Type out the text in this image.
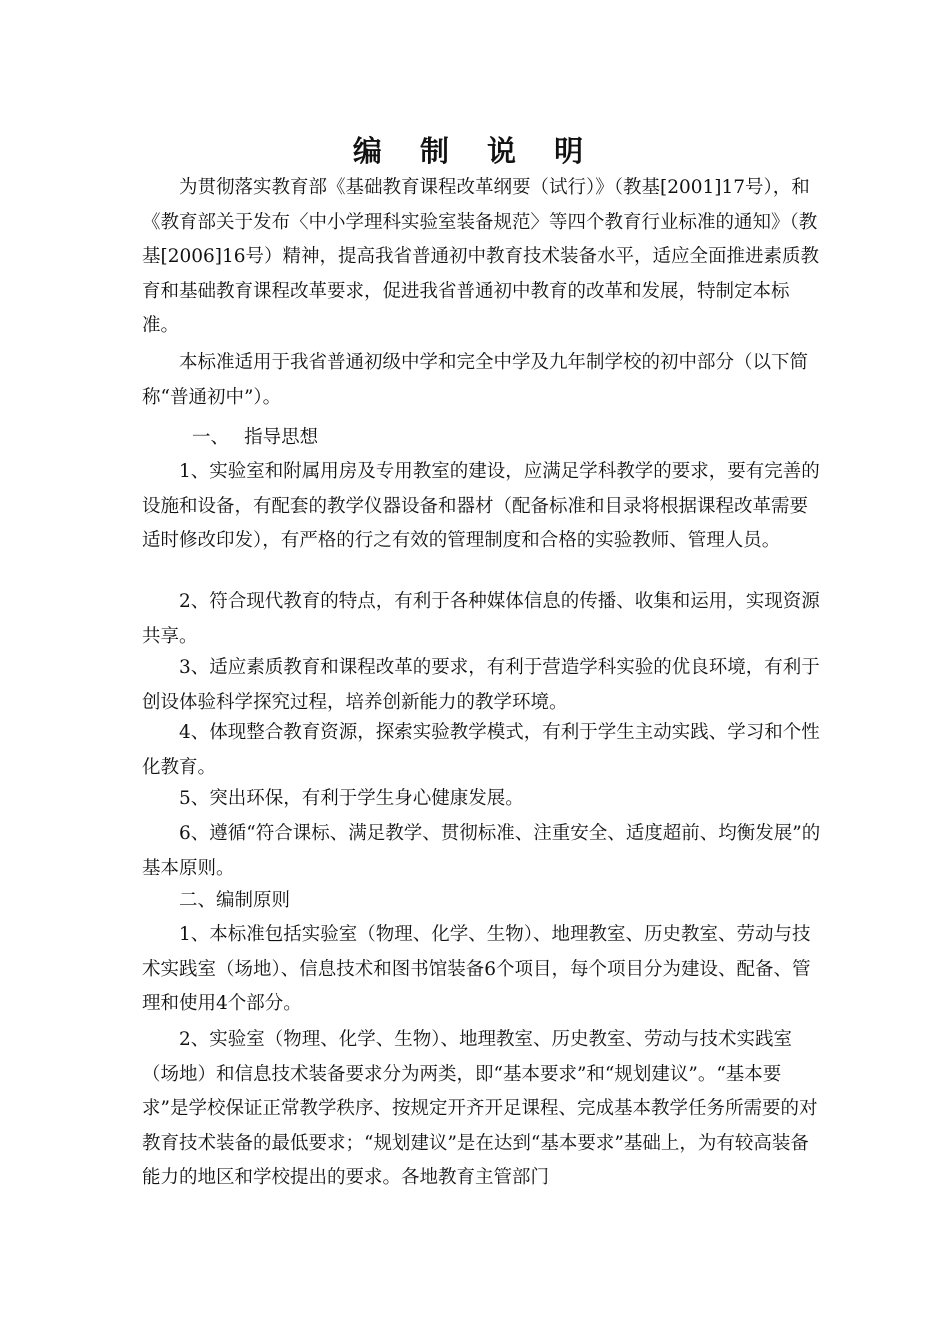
编 制 说 明
为贯彻落实教育部《基础教育课程改革纲要（试行）》（教基[2001]17号），和《教育部关于发布〈中小学理科实验室装备规范〉等四个教育行业标准的通知》（教基[2006]16号）精神，提高我省普通初中教育技术装备水平，适应全面推进素质教育和基础教育课程改革要求，促进我省普通初中教育的改革和发展，特制定本标准。
本标准适用于我省普通初级中学和完全中学及九年制学校的初中部分（以下简称“普通初中”）。
一、　 指导思想
1、实验室和附属用房及专用教室的建设，应满足学科教学的要求，要有完善的设施和设备，有配套的教学仪器设备和器材（配备标准和目录将根据课程改革需要适时修改印发），有严格的行之有效的管理制度和合格的实验教师、管理人员。
2、符合现代教育的特点，有利于各种媒体信息的传播、收集和运用，实现资源共享。
3、适应素质教育和课程改革的要求，有利于营造学科实验的优良环境，有利于创设体验科学探究过程，培养创新能力的教学环境。
4、体现整合教育资源，探索实验教学模式，有利于学生主动实践、学习和个性化教育。
5、突出环保，有利于学生身心健康发展。
6、遵循“符合课标、满足教学、贯彻标准、注重安全、适度超前、均衡发展”的基本原则。
二、编制原则
1、本标准包括实验室（物理、化学、生物）、地理教室、历史教室、劳动与技术实践室（场地）、信息技术和图书馆装备6个项目，每个项目分为建设、配备、管理和使用4个部分。
2、实验室（物理、化学、生物）、地理教室、历史教室、劳动与技术实践室（场地）和信息技术装备要求分为两类，即“基本要求”和“规划建议”。“基本要求”是学校保证正常教学秩序、按规定开齐开足课程、完成基本教学任务所需要的对教育技术装备的最低要求；“规划建议”是在达到“基本要求”基础上，为有较高装备能力的地区和学校提出的要求。各地教育主管部门
